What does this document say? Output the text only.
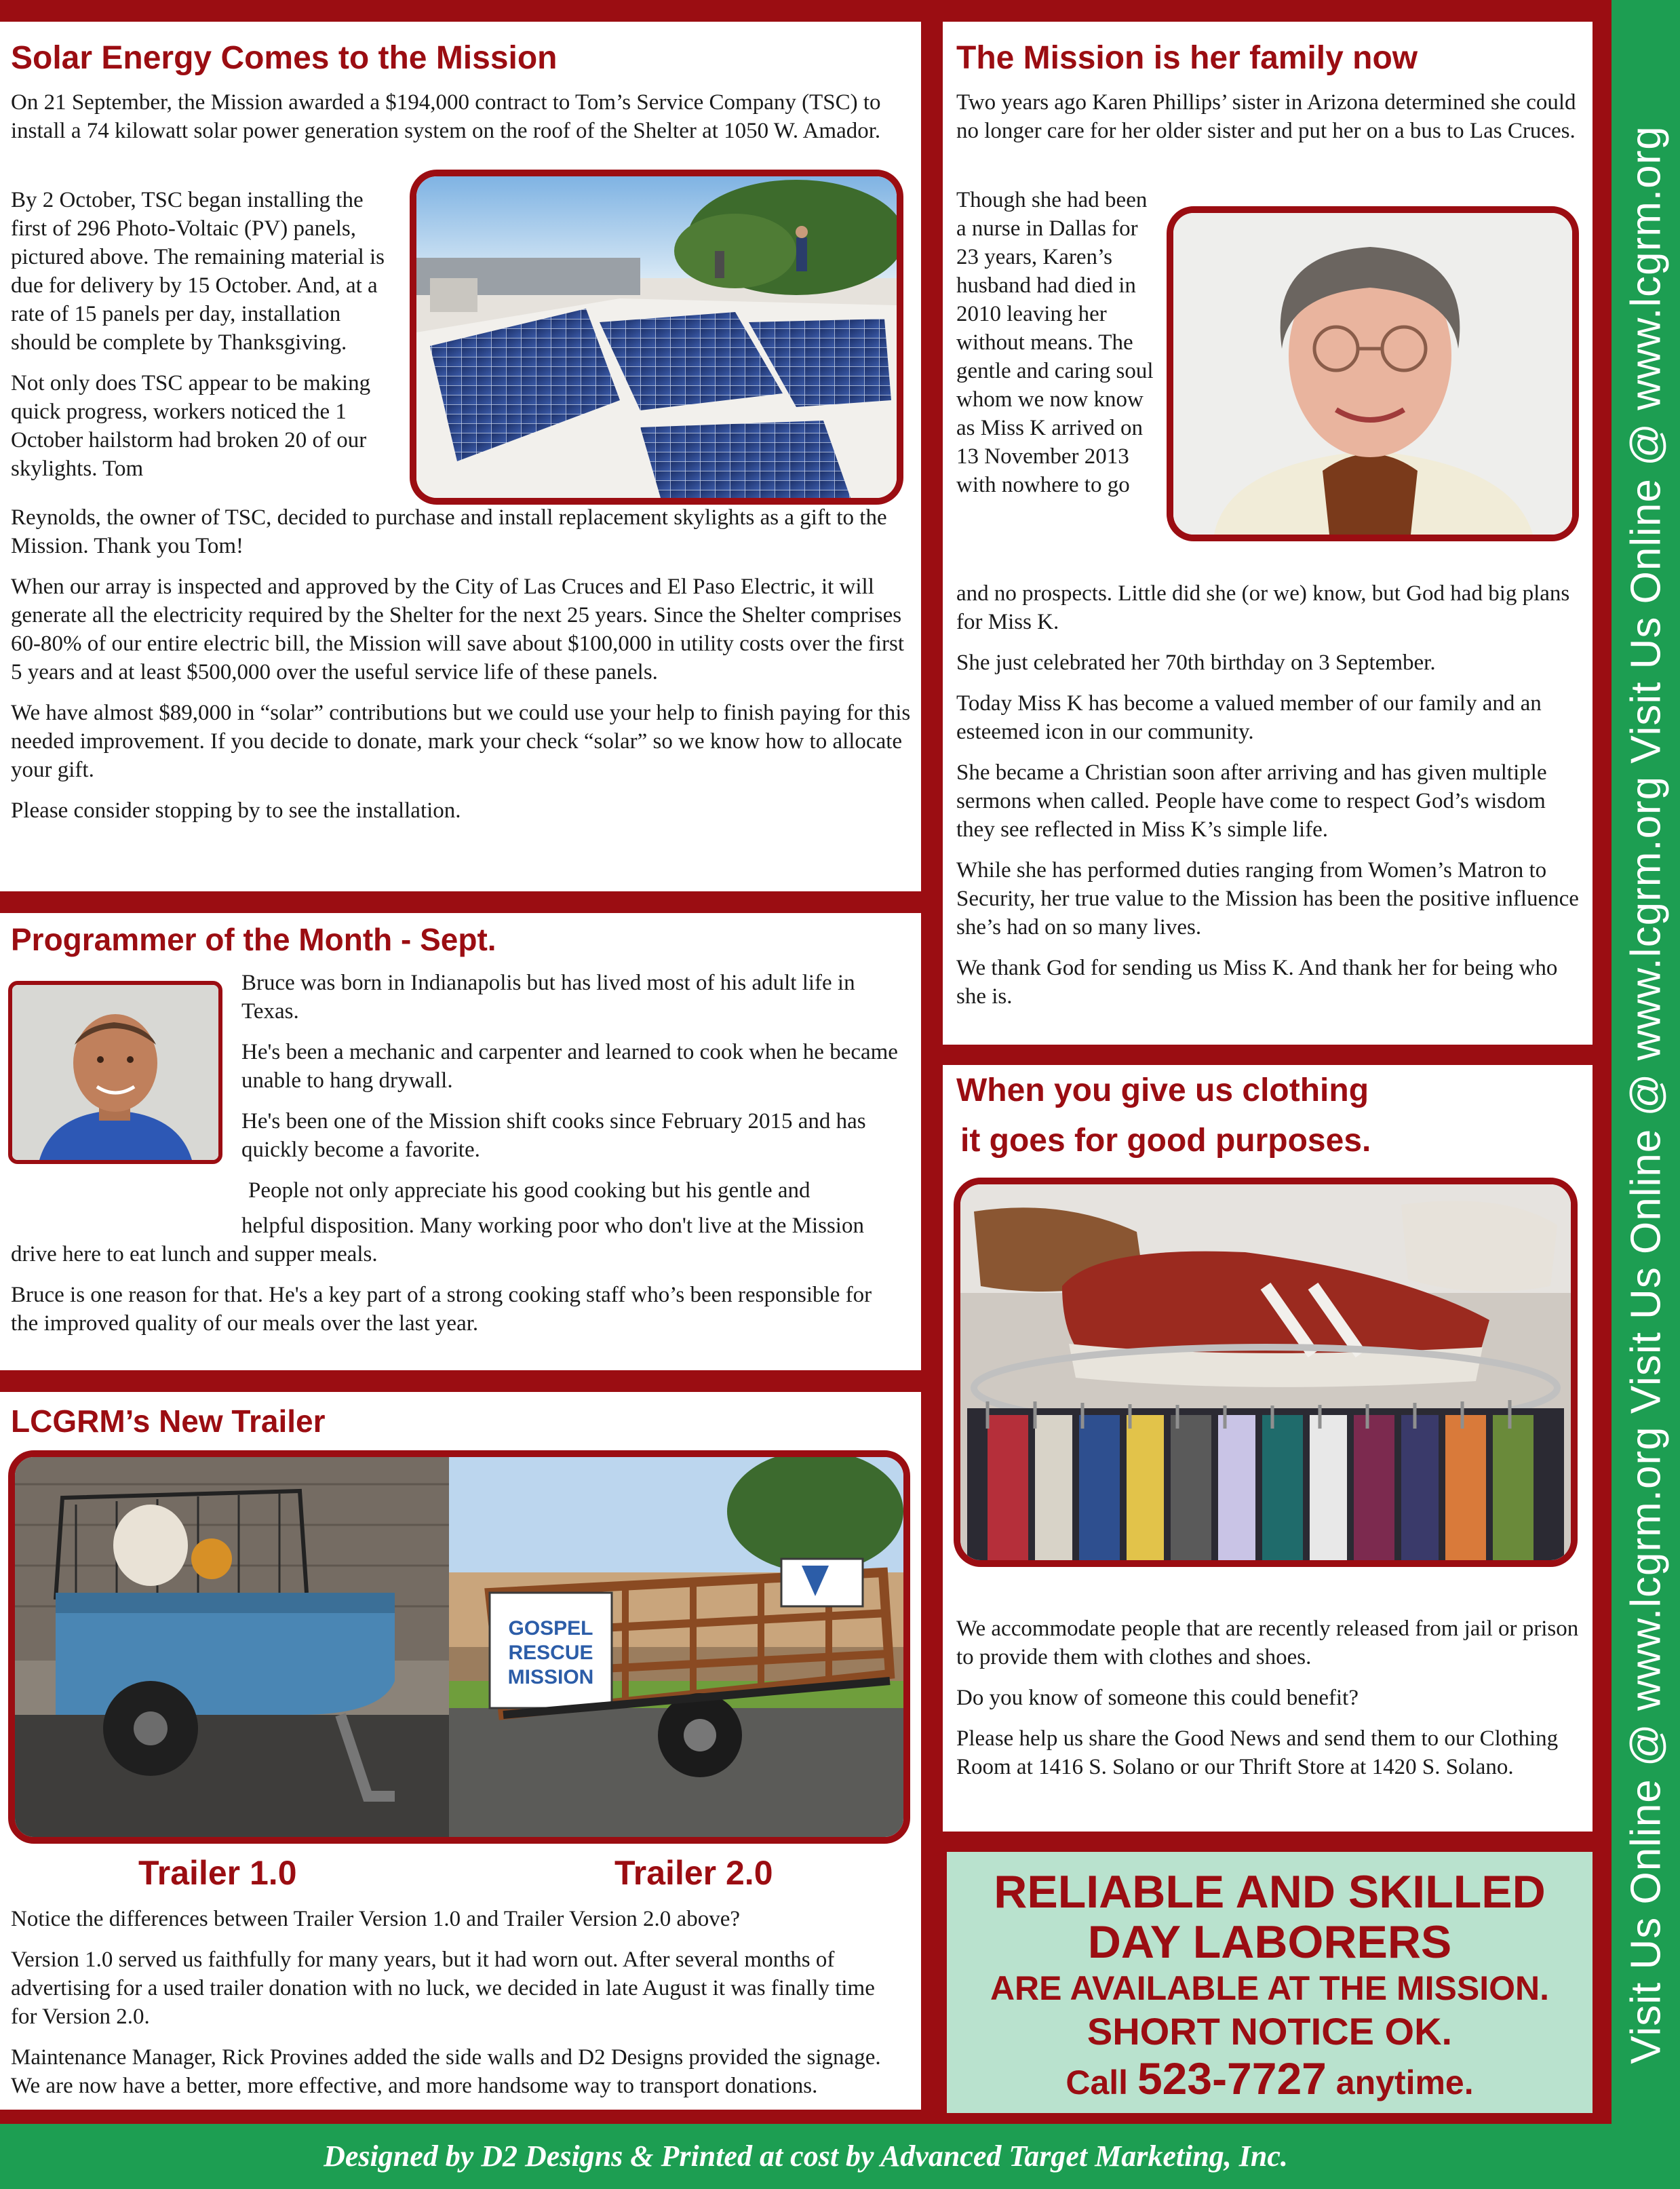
Solar Energy Comes to the Mission

On 21 September, the Mission awarded a $194,000 contract to Tom’s Service Company (TSC) to install a 74 kilowatt solar power generation system on the roof of the Shelter at 1050 W. Amador.

By 2 October, TSC began installing the first of 296 Photo-Voltaic (PV) panels, pictured above. The remaining material is due for delivery by 15 October. And, at a rate of 15 panels per day, installation should be complete by Thanksgiving.

Not only does TSC appear to be making quick progress, workers noticed the 1 October hailstorm had broken 20 of our skylights. Tom

Reynolds, the owner of TSC, decided to purchase and install replacement skylights as a gift to the Mission. Thank you Tom!

When our array is inspected and approved by the City of Las Cruces and El Paso Electric, it will generate all the electricity required by the Shelter for the next 25 years. Since the Shelter comprises 60-80% of our entire electric bill, the Mission will save about $100,000 in utility costs over the first 5 years and at least $500,000 over the useful service life of these panels.

We have almost $89,000 in “solar” contributions but we could use your help to finish paying for this needed improvement. If you decide to donate, mark your check “solar” so we know how to allocate your gift.

Please consider stopping by to see the installation.

Programmer of the Month - Sept.

Bruce was born in Indianapolis but has lived most of his adult life in Texas.

He's been a mechanic and carpenter and learned to cook when he became unable to hang drywall.

He's been one of the Mission shift cooks since February 2015 and has quickly become a favorite.

People not only appreciate his good cooking but his gentle and

helpful disposition. Many working poor who don't live at the Mission drive here to eat lunch and supper meals.

Bruce is one reason for that. He's a key part of a strong cooking staff who’s been responsible for the improved quality of our meals over the last year.

LCGRM’s New Trailer
GOSPEL
RESCUE
MISSION
Trailer 1.0	Trailer 2.0

Notice the differences between Trailer Version 1.0 and Trailer Version 2.0 above?

Version 1.0 served us faithfully for many years, but it had worn out. After several months of advertising for a used trailer donation with no luck, we decided in late August it was finally time for Version 2.0.

Maintenance Manager, Rick Provines added the side walls and D2 Designs provided the signage. We are now have a better, more effective, and more handsome way to transport donations.

The Mission is her family now

Two years ago Karen Phillips’ sister in Arizona determined she could no longer care for her older sister and put her on a bus to Las Cruces.

Though she had been a nurse in Dallas for 23 years, Karen’s husband had died in 2010 leaving her without means. The gentle and caring soul whom we now know as Miss K arrived on 13 November 2013 with nowhere to go

and no prospects. Little did she (or we) know, but God had big plans for Miss K.

She just celebrated her 70th birthday on 3 September.

Today Miss K has become a valued member of our family and an esteemed icon in our community.

She became a Christian soon after arriving and has given multiple sermons when called. People have come to respect God’s wisdom they see reflected in Miss K’s simple life.

While she has performed duties ranging from Women’s Matron to Security, her true value to the Mission has been the positive influence she’s had on so many lives.

We thank God for sending us Miss K. And thank her for being who she is.

When you give us clothing
it goes for good purposes.

We accommodate people that are recently released from jail or prison to provide them with clothes and shoes.

Do you know of someone this could benefit?

Please help us share the Good News and send them to our Clothing Room at 1416 S. Solano or our Thrift Store at 1420 S. Solano.

RELIABLE AND SKILLED
DAY LABORERS
ARE AVAILABLE AT THE MISSION.
SHORT NOTICE OK.
Call 523-7727 anytime.
Visit Us Online @ www.lcgrm.org Visit Us Online @ www.lcgrm.org Visit Us Online @ www.lcgrm.org
Designed by D2 Designs & Printed at cost by Advanced Target Marketing, Inc.
